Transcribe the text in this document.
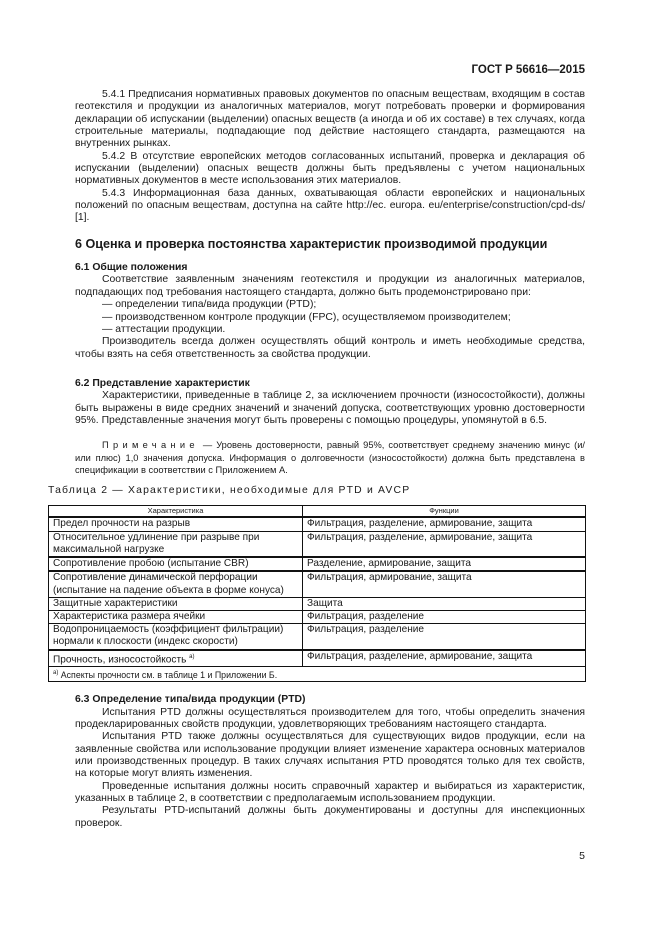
ГОСТ Р 56616—2015

5.4.1 Предписания нормативных правовых документов по опасным веществам, входящим в состав геотекстиля и продукции из аналогичных материалов, могут потребовать проверки и формирования декларации об испускании (выделении) опасных веществ (а иногда и об их составе) в тех случаях, когда строительные материалы, подпадающие под действие настоящего стандарта, размещаются на внутренних рынках.

5.4.2 В отсутствие европейских методов согласованных испытаний, проверка и декларация об испускании (выделении) опасных веществ должны быть предъявлены с учетом национальных нормативных документов в месте использования этих материалов.

5.4.3 Информационная база данных, охватывающая области европейских и национальных положений по опасным веществам, доступна на сайте http://ec. europa. eu/enterprise/construction/cpd-ds/ [1].

6 Оценка и проверка постоянства характеристик производимой продукции

6.1 Общие положения

Соответствие заявленным значениям геотекстиля и продукции из аналогичных материалов, подпадающих под требования настоящего стандарта, должно быть продемонстрировано при:

— определении типа/вида продукции (PTD);

— производственном контроле продукции (FPC), осуществляемом производителем;

— аттестации продукции.

Производитель всегда должен осуществлять общий контроль и иметь необходимые средства, чтобы взять на себя ответственность за свойства продукции.

6.2 Представление характеристик

Характеристики, приведенные в таблице 2, за исключением прочности (износостойкости), должны быть выражены в виде средних значений и значений допуска, соответствующих уровню достоверности 95%. Представленные значения могут быть проверены с помощью процедуры, упомянутой в 6.5.

Примечание — Уровень достоверности, равный 95%, соответствует среднему значению минус (и/или плюс) 1,0 значения допуска. Информация о долговечности (износостойкости) должна быть представлена в спецификации в соответствии с Приложением А.

Таблица 2 — Характеристики, необходимые для PTD и AVCP

Характеристика	Функции
Предел прочности на разрыв	Фильтрация, разделение, армирование, защита
Относительное удлинение при разрыве при максимальной нагрузке	Фильтрация, разделение, армирование, защита
Сопротивление пробою (испытание CBR)	Разделение, армирование, защита
Сопротивление динамической перфорации (испытание на падение объекта в форме конуса)	Фильтрация, армирование, защита
Защитные характеристики	Защита
Характеристика размера ячейки	Фильтрация, разделение
Водопроницаемость (коэффициент фильтрации) нормали к плоскости (индекс скорости)	Фильтрация, разделение
Прочность, износостойкость $^{а)}$	Фильтрация, разделение, армирование, защита
$^{а)}$ Аспекты прочности см. в таблице 1 и Приложении Б.	

6.3 Определение типа/вида продукции (PTD)

Испытания PTD должны осуществляться производителем для того, чтобы определить значения продекларированных свойств продукции, удовлетворяющих требованиям настоящего стандарта.

Испытания PTD также должны осуществляться для существующих видов продукции, если на заявленные свойства или использование продукции влияет изменение характера основных материалов или производственных процедур. В таких случаях испытания PTD проводятся только для тех свойств, на которые могут влиять изменения.

Проведенные испытания должны носить справочный характер и выбираться из характеристик, указанных в таблице 2, в соответствии с предполагаемым использованием продукции.

Результаты PTD-испытаний должны быть документированы и доступны для инспекционных проверок.

5
